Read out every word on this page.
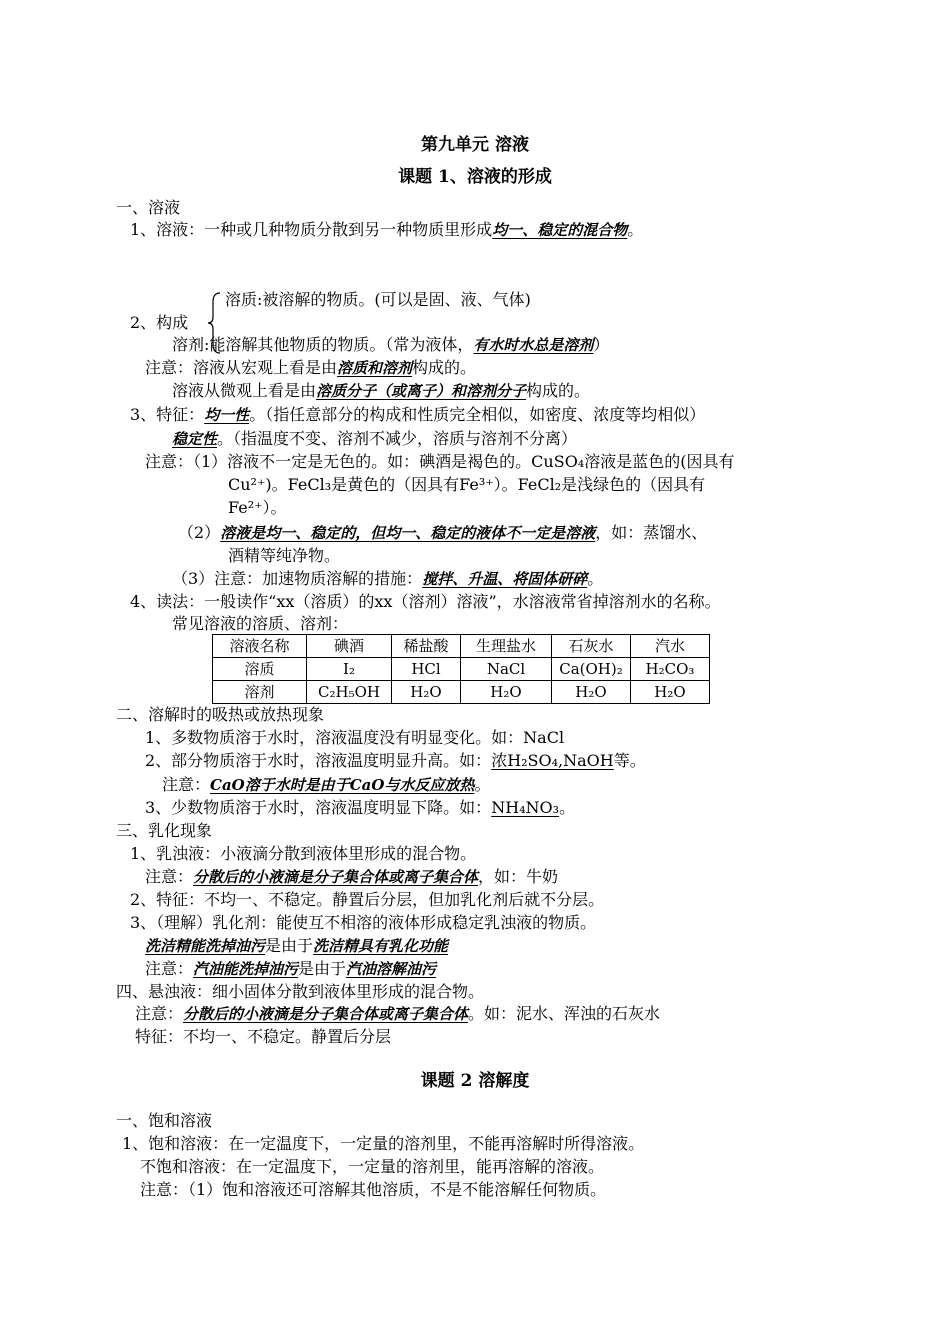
第九单元 溶液
课题 1、溶液的形成
一、溶液
1、溶液：一种或几种物质分散到另一种物质里形成均一、稳定的混合物。
溶质:被溶解的物质。(可以是固、液、气体)
2、构成
溶剂:能溶解其他物质的物质。（常为液体，有水时水总是溶剂）
注意：溶液从宏观上看是由溶质和溶剂构成的。
溶液从微观上看是由溶质分子（或离子）和溶剂分子构成的。
3、特征：均一性。（指任意部分的构成和性质完全相似，如密度、浓度等均相似）
稳定性。（指温度不变、溶剂不减少，溶质与溶剂不分离）
注意：（1）溶液不一定是无色的。如：碘酒是褐色的。CuSO₄溶液是蓝色的(因具有
Cu²⁺)。FeCl₃是黄色的（因具有Fe³⁺）。FeCl₂是浅绿色的（因具有
Fe²⁺）。
（2）溶液是均一、稳定的，但均一、稳定的液体不一定是溶液，如：蒸馏水、
酒精等纯净物。
（3）注意：加速物质溶解的措施：搅拌、升温、将固体研碎。
4、读法：一般读作“xx（溶质）的xx（溶剂）溶液”，水溶液常省掉溶剂水的名称。
常见溶液的溶质、溶剂：
溶液名称	碘酒	稀盐酸	生理盐水	石灰水	汽水
溶质	I₂	HCl	NaCl	Ca(OH)₂	H₂CO₃
溶剂	C₂H₅OH	H₂O	H₂O	H₂O	H₂O
二、溶解时的吸热或放热现象
1、多数物质溶于水时，溶液温度没有明显变化。如：NaCl
2、部分物质溶于水时，溶液温度明显升高。如：浓H₂SO₄,NaOH等。
注意：CaO溶于水时是由于CaO与水反应放热。
3、少数物质溶于水时，溶液温度明显下降。如：NH₄NO₃。
三、乳化现象
1、乳浊液：小液滴分散到液体里形成的混合物。
注意：分散后的小液滴是分子集合体或离子集合体，如：牛奶
2、特征：不均一、不稳定。静置后分层，但加乳化剂后就不分层。
3、（理解）乳化剂：能使互不相溶的液体形成稳定乳浊液的物质。
洗洁精能洗掉油污是由于洗洁精具有乳化功能
注意：汽油能洗掉油污是由于汽油溶解油污
四、悬浊液：细小固体分散到液体里形成的混合物。
注意：分散后的小液滴是分子集合体或离子集合体。如：泥水、浑浊的石灰水
特征：不均一、不稳定。静置后分层
课题 2 溶解度
一、饱和溶液
1、饱和溶液：在一定温度下，一定量的溶剂里，不能再溶解时所得溶液。
不饱和溶液：在一定温度下，一定量的溶剂里，能再溶解的溶液。
注意：（1）饱和溶液还可溶解其他溶质，不是不能溶解任何物质。
